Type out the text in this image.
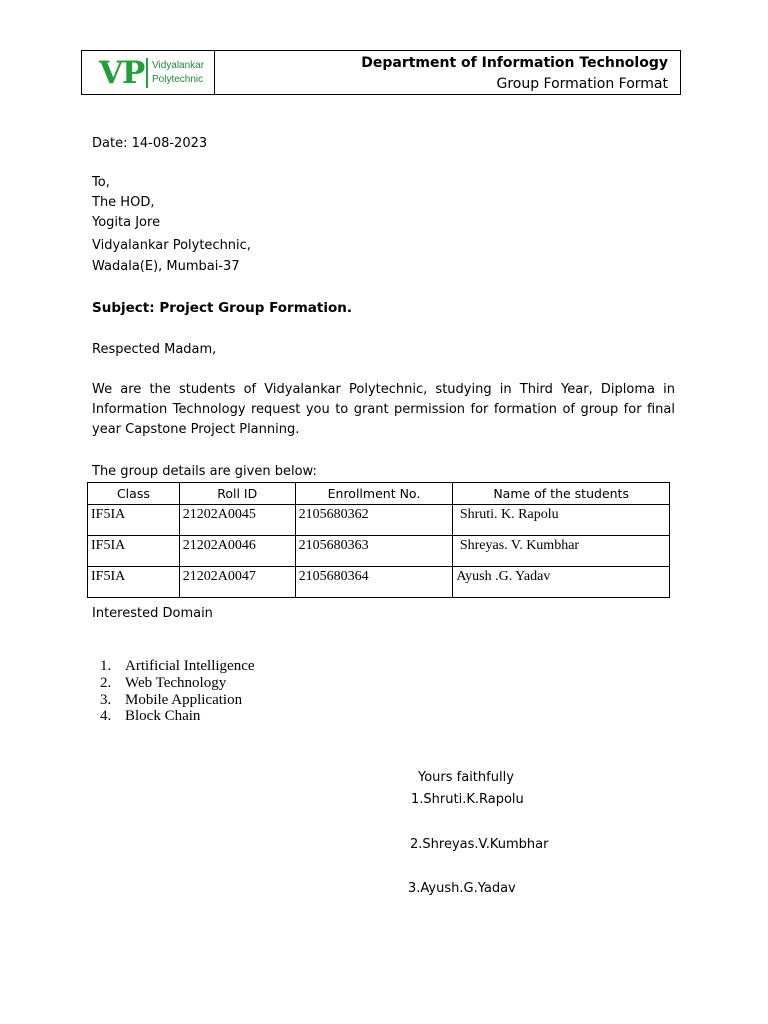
VP Vidyalankar
Polytechnic
Department of Information Technology
Group Formation Format
Date: 14-08-2023
To,
The HOD,
Yogita Jore
Vidyalankar Polytechnic,
Wadala(E), Mumbai-37
Subject: Project Group Formation.
Respected Madam,
We are the students of Vidyalankar Polytechnic, studying in Third Year, Diploma in Information Technology request you to grant permission for formation of group for final year Capstone Project Planning.
The group details are given below:
Class	Roll ID	Enrollment No.	Name of the students
IF5IA	21202A0045	2105680362	Shruti. K. Rapolu
IF5IA	21202A0046	2105680363	Shreyas. V. Kumbhar
IF5IA	21202A0047	2105680364	Ayush .G. Yadav
Interested Domain
1. Artificial Intelligence
2. Web Technology
3. Mobile Application
4. Block Chain
Yours faithfully
1.Shruti.K.Rapolu
2.Shreyas.V.Kumbhar
3.Ayush.G.Yadav
